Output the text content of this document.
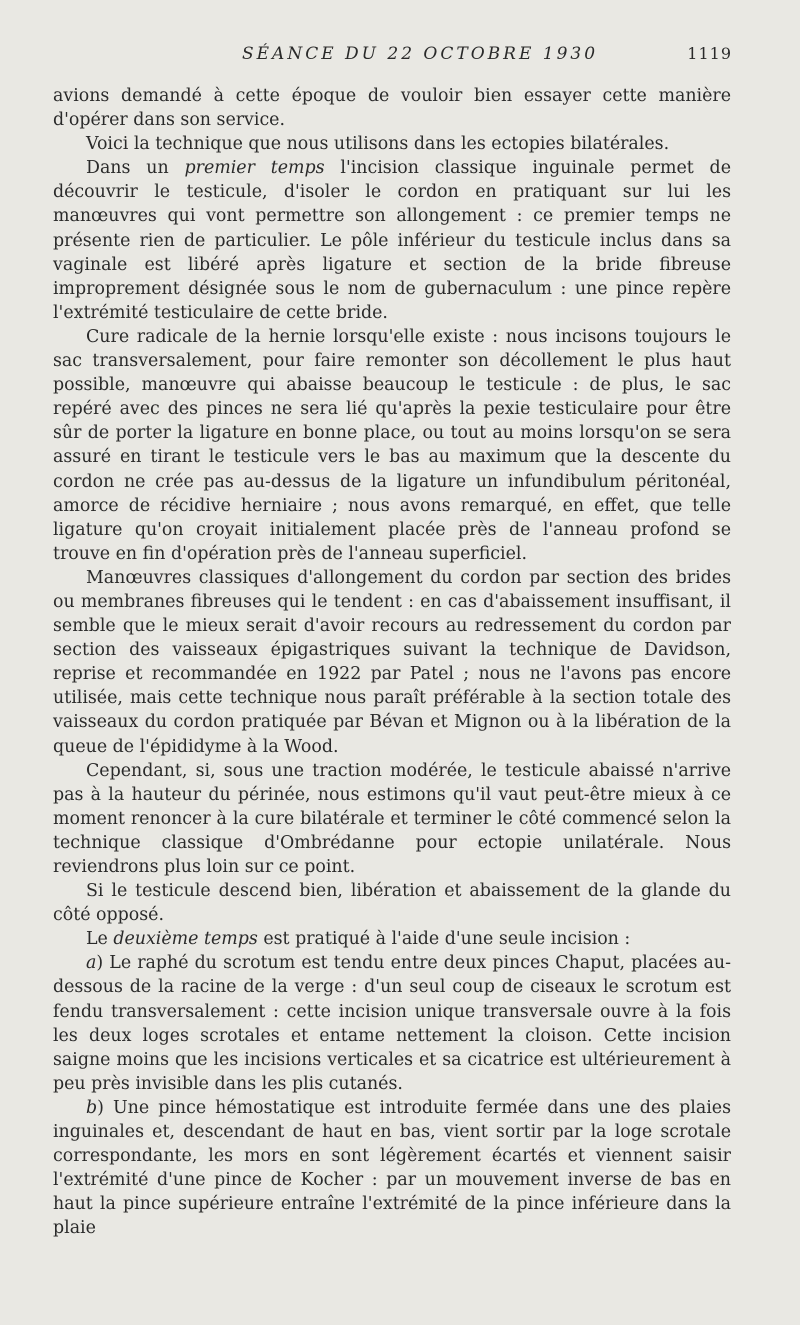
SÉANCE DU 22 OCTOBRE 1930	1119

avions demandé à cette époque de vouloir bien essayer cette manière d'opérer dans son service.

Voici la technique que nous utilisons dans les ectopies bilatérales.

Dans un premier temps l'incision classique inguinale permet de découvrir le testicule, d'isoler le cordon en pratiquant sur lui les manœuvres qui vont permettre son allongement : ce premier temps ne présente rien de particulier. Le pôle inférieur du testicule inclus dans sa vaginale est libéré après ligature et section de la bride fibreuse improprement désignée sous le nom de gubernaculum : une pince repère l'extrémité testiculaire de cette bride.

Cure radicale de la hernie lorsqu'elle existe : nous incisons toujours le sac transversalement, pour faire remonter son décollement le plus haut possible, manœuvre qui abaisse beaucoup le testicule : de plus, le sac repéré avec des pinces ne sera lié qu'après la pexie testiculaire pour être sûr de porter la ligature en bonne place, ou tout au moins lorsqu'on se sera assuré en tirant le testicule vers le bas au maximum que la descente du cordon ne crée pas au-dessus de la ligature un infundibulum péritonéal, amorce de récidive herniaire ; nous avons remarqué, en effet, que telle ligature qu'on croyait initialement placée près de l'anneau profond se trouve en fin d'opération près de l'anneau superficiel.

Manœuvres classiques d'allongement du cordon par section des brides ou membranes fibreuses qui le tendent : en cas d'abaissement insuffisant, il semble que le mieux serait d'avoir recours au redressement du cordon par section des vaisseaux épigastriques suivant la technique de Davidson, reprise et recommandée en 1922 par Patel ; nous ne l'avons pas encore utilisée, mais cette technique nous paraît préférable à la section totale des vaisseaux du cordon pratiquée par Bévan et Mignon ou à la libération de la queue de l'épididyme à la Wood.

Cependant, si, sous une traction modérée, le testicule abaissé n'arrive pas à la hauteur du périnée, nous estimons qu'il vaut peut-être mieux à ce moment renoncer à la cure bilatérale et terminer le côté commencé selon la technique classique d'Ombrédanne pour ectopie unilatérale. Nous reviendrons plus loin sur ce point.

Si le testicule descend bien, libération et abaissement de la glande du côté opposé.

Le deuxième temps est pratiqué à l'aide d'une seule incision :

a) Le raphé du scrotum est tendu entre deux pinces Chaput, placées au-dessous de la racine de la verge : d'un seul coup de ciseaux le scrotum est fendu transversalement : cette incision unique transversale ouvre à la fois les deux loges scrotales et entame nettement la cloison. Cette incision saigne moins que les incisions verticales et sa cicatrice est ultérieurement à peu près invisible dans les plis cutanés.

b) Une pince hémostatique est introduite fermée dans une des plaies inguinales et, descendant de haut en bas, vient sortir par la loge scrotale correspondante, les mors en sont légèrement écartés et viennent saisir l'extrémité d'une pince de Kocher : par un mouvement inverse de bas en haut la pince supérieure entraîne l'extrémité de la pince inférieure dans la plaie
